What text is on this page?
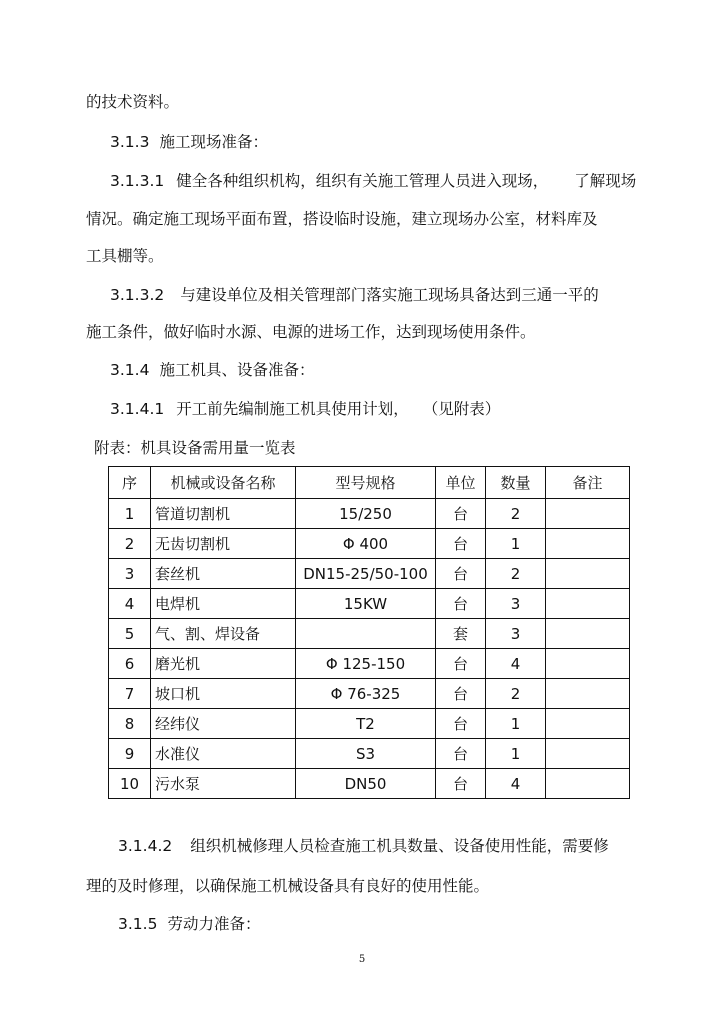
的技术资料。
3.1.3 施工现场准备：
3.1.3.1 健全各种组织机构，组织有关施工管理人员进入现场， 了解现场
情况。确定施工现场平面布置，搭设临时设施，建立现场办公室，材料库及
工具棚等。
3.1.3.2 与建设单位及相关管理部门落实施工现场具备达到三通一平的
施工条件，做好临时水源、电源的进场工作，达到现场使用条件。
3.1.4 施工机具、设备准备：
3.1.4.1 开工前先编制施工机具使用计划， （见附表）
附表：机具设备需用量一览表
序	机械或设备名称	型号规格	单位	数量	备注
1	管道切割机	15/250	台	2	
2	无齿切割机	Φ 400	台	1	
3	套丝机	DN15-25/50-100	台	2	
4	电焊机	15KW	台	3	
5	气、割、焊设备		套	3	
6	磨光机	Φ 125-150	台	4	
7	坡口机	Φ 76-325	台	2	
8	经纬仪	T2	台	1	
9	水准仪	S3	台	1	
10	污水泵	DN50	台	4	
3.1.4.2 组织机械修理人员检查施工机具数量、设备使用性能，需要修
理的及时修理，以确保施工机械设备具有良好的使用性能。
3.1.5 劳动力准备：
5
